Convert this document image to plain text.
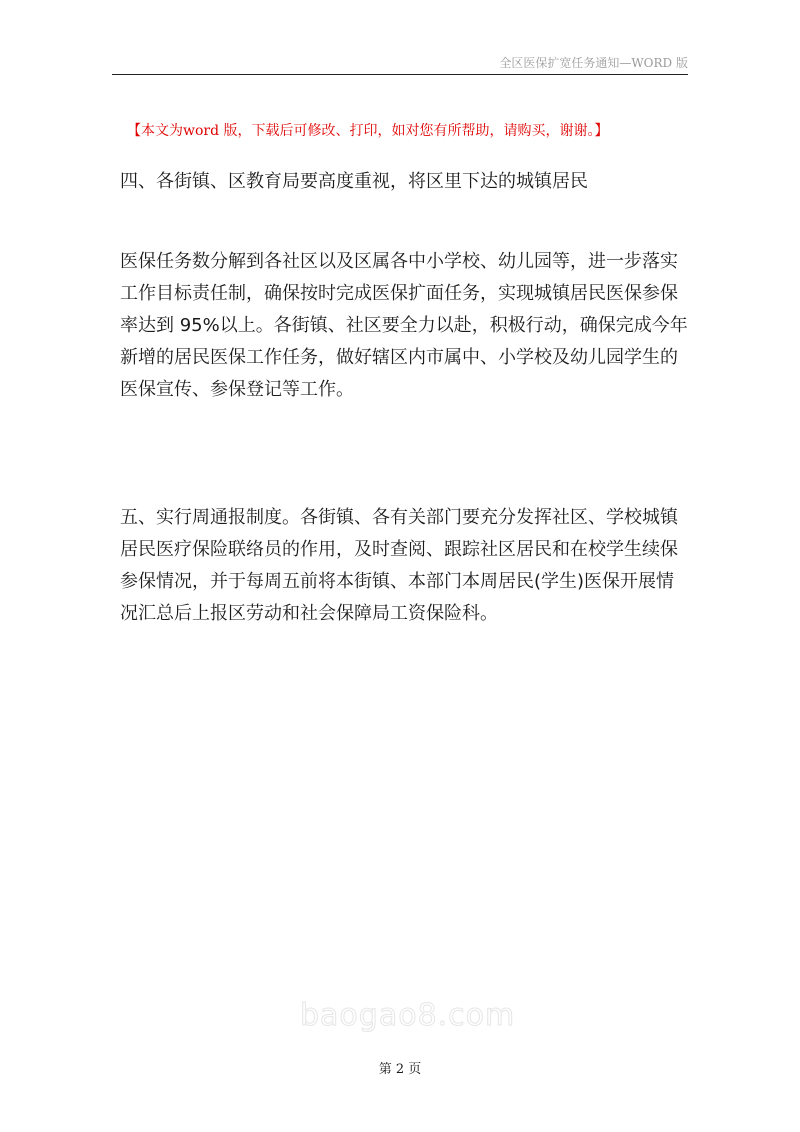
全区医保扩宽任务通知—WORD 版
【本文为word 版，下载后可修改、打印，如对您有所帮助，请购买，谢谢。】

四、各街镇、区教育局要高度重视，将区里下达的城镇居民

医保任务数分解到各社区以及区属各中小学校、幼儿园等，进一步落实工作目标责任制，确保按时完成医保扩面任务，实现城镇居民医保参保率达到 95%以上。各街镇、社区要全力以赴，积极行动，确保完成今年新增的居民医保工作任务，做好辖区内市属中、小学校及幼儿园学生的医保宣传、参保登记等工作。

五、实行周通报制度。各街镇、各有关部门要充分发挥社区、学校城镇居民医疗保险联络员的作用，及时查阅、跟踪社区居民和在校学生续保参保情况，并于每周五前将本街镇、本部门本周居民(学生)医保开展情况汇总后上报区劳动和社会保障局工资保险科。

baogao8.com
第 2 页
